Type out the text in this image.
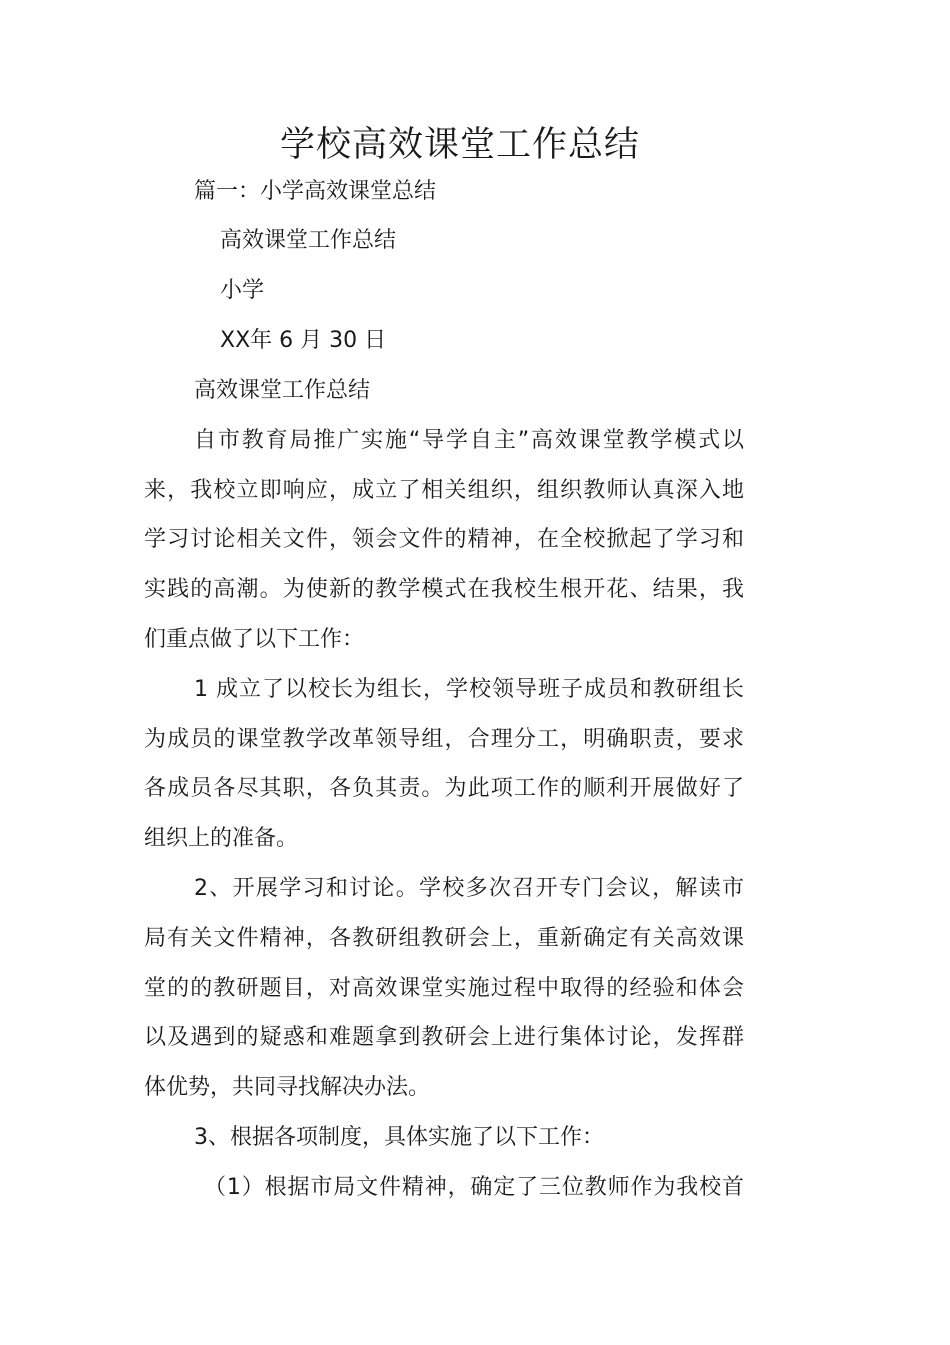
学校高效课堂工作总结
篇一：小学高效课堂总结
高效课堂工作总结
小学
XX年 6 月 30 日
高效课堂工作总结
自市教育局推广实施“导学自主”高效课堂教学模式以
来，我校立即响应，成立了相关组织，组织教师认真深入地
学习讨论相关文件，领会文件的精神，在全校掀起了学习和
实践的高潮。为使新的教学模式在我校生根开花、结果，我
们重点做了以下工作：
1 成立了以校长为组长，学校领导班子成员和教研组长
为成员的课堂教学改革领导组，合理分工，明确职责，要求
各成员各尽其职，各负其责。为此项工作的顺利开展做好了
组织上的准备。
2、开展学习和讨论。学校多次召开专门会议，解读市
局有关文件精神，各教研组教研会上，重新确定有关高效课
堂的的教研题目，对高效课堂实施过程中取得的经验和体会
以及遇到的疑惑和难题拿到教研会上进行集体讨论，发挥群
体优势，共同寻找解决办法。
3、根据各项制度，具体实施了以下工作：
（1）根据市局文件精神，确定了三位教师作为我校首
